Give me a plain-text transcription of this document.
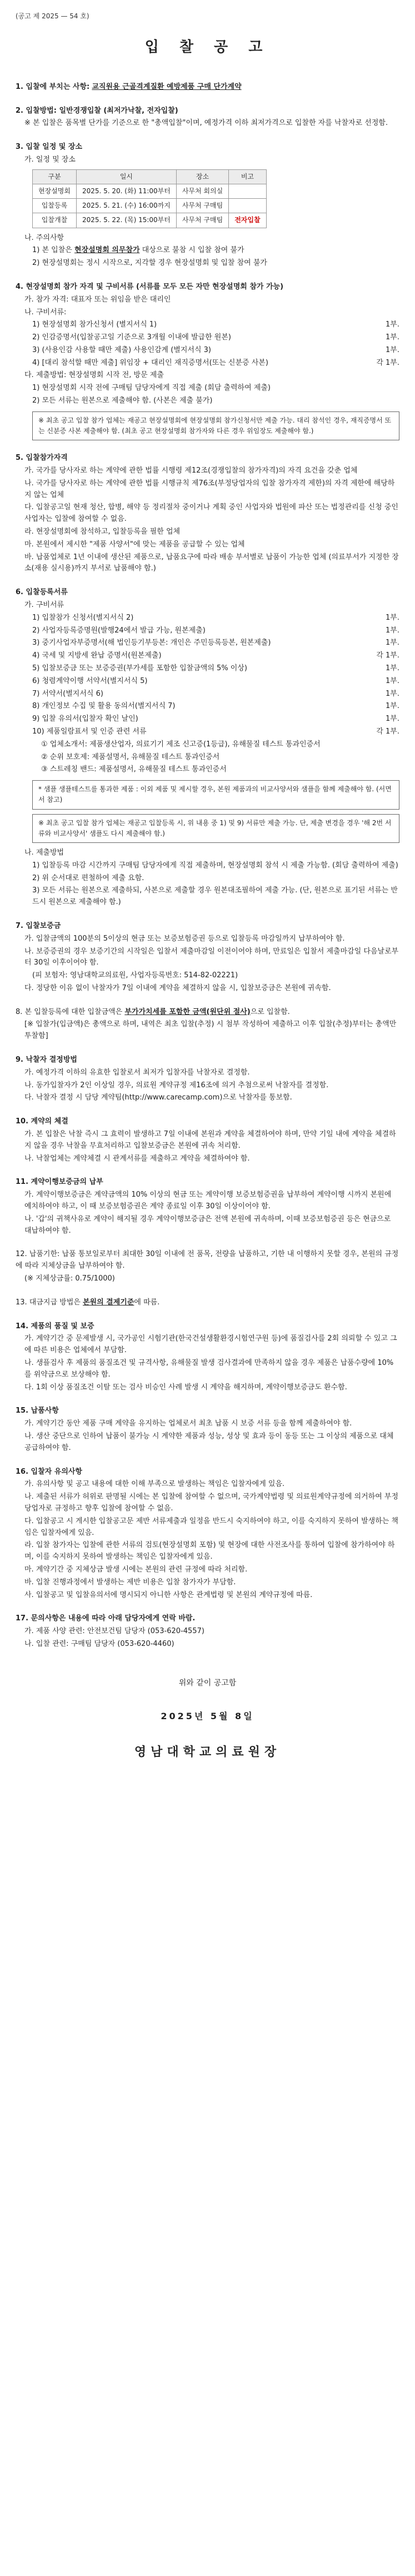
(공고 제 2025 — 54 호)
입 찰 공 고
1. 입찰에 부치는 사항: 교직원용 근골격계질환 예방제품 구매 단가계약
2. 입찰방법: 일반경쟁입찰 (최저가낙찰, 전자입찰)
※ 본 입찰은 품목별 단가를 기준으로 한 "총액입찰"이며, 예정가격 이하 최저가격으로 입찰한 자를 낙찰자로 선정함.
3. 입찰 일정 및 장소
가. 일정 및 장소
구분	일시	장소	비고
현장설명회	2025. 5. 20. (화) 11:00부터	사무처 회의실	
입찰등록	2025. 5. 21. (수) 16:00까지	사무처 구매팀	
입찰개찰	2025. 5. 22. (목) 15:00부터	사무처 구매팀	전자입찰
나. 주의사항
1) 본 입찰은 현장설명회 의무참가 대상으로 불참 시 입찰 참여 불가
2) 현장설명회는 정시 시작으로, 지각할 경우 현장설명회 및 입찰 참여 불가
4. 현장설명회 참가 자격 및 구비서류 (서류를 모두 모든 자만 현장설명회 참가 가능)
가. 참가 자격: 대표자 또는 위임을 받은 대리인
나. 구비서류:
1) 현장설명회 참가신청서 (별지서식 1)	1부.
2) 인감증명서(입찰공고일 기준으로 3개월 이내에 발급한 원본)	1부.
3) (사용인감 사용할 때만 제출) 사용인감계 (별지서식 3)	1부.
4) [대리 참석할 때만 제출] 위임장 + 대리인 재직증명서(또는 신분증 사본)	각 1부.
다. 제출방법: 현장설명회 시작 전, 방문 제출
1) 현장설명회 시작 전에 구매팀 담당자에게 직접 제출 (회담 출력하여 제출)
2) 모든 서류는 원본으로 제출해야 함. (사본은 제출 불가)
※ 최초 공고 입찰 참가 업체는 재공고 현장설명회에 현장설명회 참가신청서만 제출 가능. 대리 참석인 경우, 재직증명서 또는 신분증 사본 제출해야 함. (최초 공고 현장설명회 참가자와 다른 경우 위임장도 제출해야 함.)
5. 입찰참가자격
가. 국가를 당사자로 하는 계약에 관한 법률 시행령 제12조(경쟁입찰의 참가자격)의 자격 요건을 갖춘 업체
나. 국가를 당사자로 하는 계약에 관한 법률 시행규칙 제76조(부정당업자의 입찰 참가자격 제한)의 자격 제한에 해당하지 않는 업체
다. 입찰공고일 현재 청산, 합병, 해약 등 정리절차 중이거나 계획 중인 사업자와 법원에 파산 또는 법정관리를 신청 중인 사업자는 입찰에 참여할 수 없음.
라. 현장설명회에 참석하고, 입찰등록을 필한 업체
마. 본원에서 제시한 "제품 사양서"에 맞는 제품을 공급할 수 있는 업체
바. 납품업체로 1년 이내에 생산된 제품으로, 납품요구에 따라 배송 부서별로 납품이 가능한 업체 (의료부서가 지정한 장소(재용 실시용)까지 부서로 납품해야 함.)
6. 입찰등록서류
가. 구비서류
1) 입찰참가 신청서(별지서식 2)	1부.
2) 사업자등록증명원(발행24에서 발급 가능, 원본제출)	1부.
3) 중기사업자부증명서(해 법인등기부등본: 개인은 주민등록등본, 원본제출)	1부.
4) 국세 및 지방세 완납 증명서(원본제출)	각 1부.
5) 입찰보증금 또는 보증증권(부가세를 포함한 입찰금액의 5% 이상)	1부.
6) 청렴계약이행 서약서(별지서식 5)	1부.
7) 서약서(별지서식 6)	1부.
8) 개인정보 수집 및 활용 동의서(별지서식 7)	1부.
9) 입찰 유의서(입찰자 확인 날인)	1부.
10) 제품일람표서 및 인증 관련 서류	각 1부.
① 업체소개서: 제품생산업자, 의료기기 제조 신고증(1등급), 유해물질 테스트 통과인증서
② 순위 보호제: 제품설명서, 유해물질 테스트 통과인증서
③ 스트레칭 밴드: 제품설명서, 유해물질 테스트 통과인증서
* 샘플 생플테스트를 통과한 제품 : 이외 제품 및 제시할 경우, 본원 제품과의 비교사양서와 샘플을 함께 제출해야 함. (서면서 참고)
※ 최초 공고 입찰 참가 업체는 재공고 입찰등록 시, 위 내용 중 1) 및 9) 서류만 제출 가능. 단, 제출 변경을 경우 '해 2번 서류와 비교사양서' 샘플도 다시 제출해야 함.)
나. 제출방법
1) 입찰등록 마감 시간까지 구매팀 담당자에게 직접 제출하며, 현장설명회 참석 시 제출 가능함. (회담 출력하여 제출)
2) 위 순서대로 편철하여 제출 요함.
3) 모든 서류는 원본으로 제출하되, 사본으로 제출할 경우 원본대조필하여 제출 가능. (단, 원본으로 표기된 서류는 반드시 원본으로 제출해야 함.)
7. 입찰보증금
가. 입찰금액의 100분의 5이상의 현금 또는 보증보험증권 등으로 입찰등록 마감일까지 납부하여야 함.
나. 보증증권의 경우 보증기간의 시작일은 입찰서 제출마감일 이전이어야 하며, 만료일은 입찰서 제출마감일 다음날로부터 30일 이후이어야 함.
(피 보험자: 영남대학교의료원, 사업자등록번호: 514-82-02221)
다. 정당한 이유 없이 낙찰자가 7일 이내에 계약을 체결하지 않을 시, 입찰보증금은 본원에 귀속함.
8. 본 입찰등록에 대한 입찰금액은 부가가치세를 포함한 금액(원단위 절사)으로 입찰함.
[※ 입찰가(입금액)은 총액으로 하며, 내역은 최초 입찰(추정) 시 첨부 작성하여 제출하고 이후 입찰(추정)부터는 총액만 투찰함]
9. 낙찰자 결정방법
가. 예정가격 이하의 유효한 입찰로서 최저가 입찰자를 낙찰자로 결정함.
나. 동가입찰자가 2인 이상일 경우, 의료원 계약규정 제16조에 의거 추첨으로써 낙찰자를 결정함.
다. 낙찰자 결정 시 담당 계약팀(http://www.carecamp.com)으로 낙찰자를 통보함.
10. 계약의 체결
가. 본 입찰은 낙찰 즉시 그 효력이 발생하고 7일 이내에 본원과 계약을 체결하여야 하며, 만약 기일 내에 계약을 체결하지 않을 경우 낙찰을 무효처리하고 입찰보증금은 본원에 귀속 처리함.
나. 낙찰업체는 계약체결 시 관계서류를 제출하고 계약을 체결하여야 함.
11. 계약이행보증금의 납부
가. 계약이행보증금은 계약금액의 10% 이상의 현금 또는 계약이행 보증보험증권을 납부하여 계약이행 시까지 본원에 예치하여야 하고, 이 때 보증보험증권은 계약 종료일 이후 30일 이상이어야 함.
나. '갑'의 귀책사유로 계약이 해지될 경우 계약이행보증금은 전액 본원에 귀속하며, 이때 보증보험증권 등은 현금으로 대납하여야 함.
12. 납품기한: 납품 통보일로부터 최대한 30일 이내에 전 품목, 전량을 납품하고, 기한 내 이행하지 못할 경우, 본원의 규정에 따라 지체상금을 납부하여야 함.
(※ 지체상금률: 0.75/1000)
13. 대금지급 방법은 본원의 결제기준에 따름.
14. 제품의 품질 및 보증
가. 계약기간 중 문제발생 시, 국가공인 시험기관(한국건설생활환경시험연구원 등)에 품질검사를 2회 의뢰할 수 있고 그에 따른 비용은 업체에서 부담함.
나. 생플검사 후 제품의 품질조건 및 규격사항, 유해물질 발생 검사결과에 만족하지 않을 경우 제품은 납품수량에 10%를 위약금으로 보상해야 함.
다. 1회 이상 품질조건 이탈 또는 검사 비승인 사례 발생 시 계약을 해지하며, 계약이행보증금도 환수함.
15. 납품사항
가. 계약기간 동안 제품 구매 계약을 유지하는 업체로서 최초 납품 시 보증 서류 등을 함께 제출하여야 함.
나. 생산 중단으로 인하여 납품이 불가능 시 계약한 제품과 성능, 성상 및 효과 등이 동등 또는 그 이상의 제품으로 대체 공급하여야 함.
16. 입찰자 유의사항
가. 유의사항 및 공고 내용에 대한 이해 부족으로 발생하는 책임은 입찰자에게 있음.
나. 제출된 서류가 허위로 판명될 시에는 본 입찰에 참여할 수 없으며, 국가계약법령 및 의료원계약규정에 의거하여 부정당업자로 규정하고 향후 입찰에 참여할 수 없음.
다. 입찰공고 시 게시한 입찰공고문 제반 서류제출과 일정을 반드시 숙지하여야 하고, 이를 숙지하지 못하여 발생하는 책임은 입찰자에게 있음.
라. 입찰 참가자는 입찰에 관한 서류의 검토(현장설명회 포함) 및 현장에 대한 사전조사를 통하여 입찰에 참가하여야 하며, 이를 숙지하지 못하여 발생하는 책임은 입찰자에게 있음.
마. 계약기간 중 지체상금 발생 시에는 본원의 관련 규정에 따라 처리함.
바. 입찰 진행과정에서 발생하는 제반 비용은 입찰 참가자가 부담함.
사. 입찰공고 및 입찰유의서에 명시되지 아니한 사항은 관계법령 및 본원의 계약규정에 따름.
17. 문의사항은 내용에 따라 아래 담당자에게 연락 바람.
가. 제품 사양 관련: 안전보건팀 담당자 (053-620-4557)
나. 입찰 관련: 구매팀 담당자 (053-620-4460)
위와 같이 공고함
2025년 5월 8일
영남대학교의료원장
